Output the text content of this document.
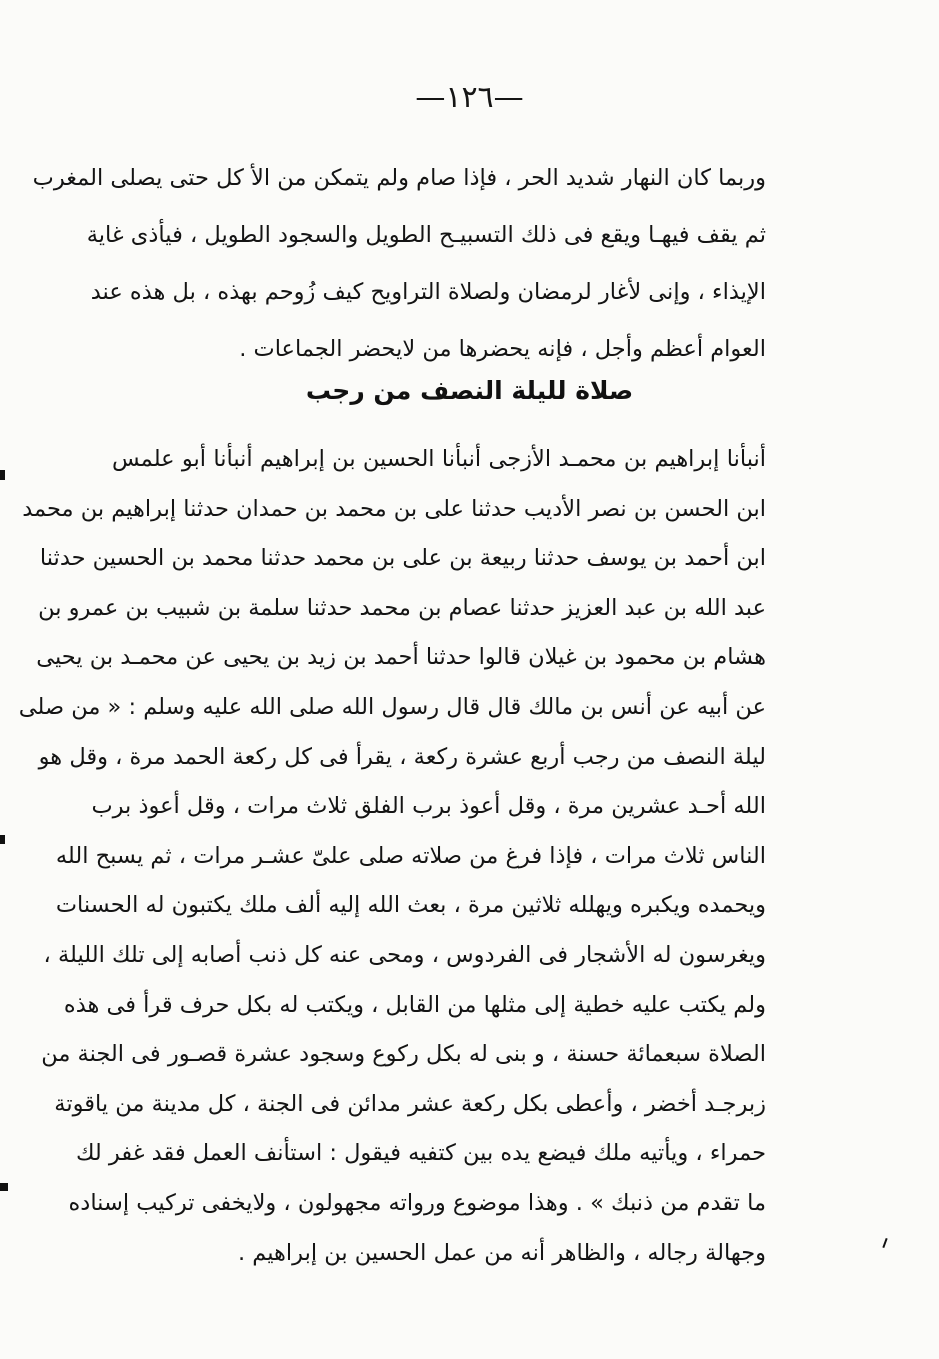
—١٢٦—
وربما كان النهار شديد الحر ، فإذا صام ولم يتمكن من الأ كل حتى يصلى المغرب
ثم يقف فيهـا ويقع فى ذلك التسبيـح الطويل والسجود الطويل ، فيأذى غاية
الإيذاء ، وإنى لأغار لرمضان ولصلاة التراويح كيف زُوحم بهذه ، بل هذه عند
العوام أعظم وأجل ، فإنه يحضرها من لايحضر الجماعات .
صلاة لليلة النصف من رجب
أنبأنا إبراهيم بن محمـد الأزجى أنبأنا الحسين بن إبراهيم أنبأنا أبو علمس
ابن الحسن بن نصر الأديب حدثنا على بن محمد بن حمدان حدثنا إبراهيم بن محمد
ابن أحمد بن يوسف حدثنا ربيعة بن على بن محمد حدثنا محمد بن الحسين حدثنا
عبد الله بن عبد العزيز حدثنا عصام بن محمد حدثنا سلمة بن شبيب بن عمرو بن
هشام بن محمود بن غيلان قالوا حدثنا أحمد بن زيد بن يحيى عن محمـد بن يحيى
عن أبيه عن أنس بن مالك قال قال رسول الله صلى الله عليه وسلم : « من صلى
ليلة النصف من رجب أربع عشرة ركعة ، يقرأ فى كل ركعة الحمد مرة ، وقل هو
الله أحـد عشرين مرة ، وقل أعوذ برب الفلق ثلاث مرات ، وقل أعوذ برب
الناس ثلاث مرات ، فإذا فرغ من صلاته صلى علىّ عشـر مرات ، ثم يسبح الله
ويحمده ويكبره ويهلله ثلاثين مرة ، بعث الله إليه ألف ملك يكتبون له الحسنات
ويغرسون له الأشجار فى الفردوس ، ومحى عنه كل ذنب أصابه إلى تلك الليلة ،
ولم يكتب عليه خطية إلى مثلها من القابل ، ويكتب له بكل حرف قرأ فى هذه
الصلاة سبعمائة حسنة ، و بنى له بكل ركوع وسجود عشرة قصـور فى الجنة من
زبرجـد أخضر ، وأعطى بكل ركعة عشر مدائن فى الجنة ، كل مدينة من ياقوتة
حمراء ، ويأتيه ملك فيضع يده بين كتفيه فيقول : استأنف العمل فقد غفر لك
ما تقدم من ذنبك » . وهذا موضوع ورواته مجهولون ، ولايخفى تركيب إسناده
وجهالة رجاله ، والظاهر أنه من عمل الحسين بن إبراهيم .
